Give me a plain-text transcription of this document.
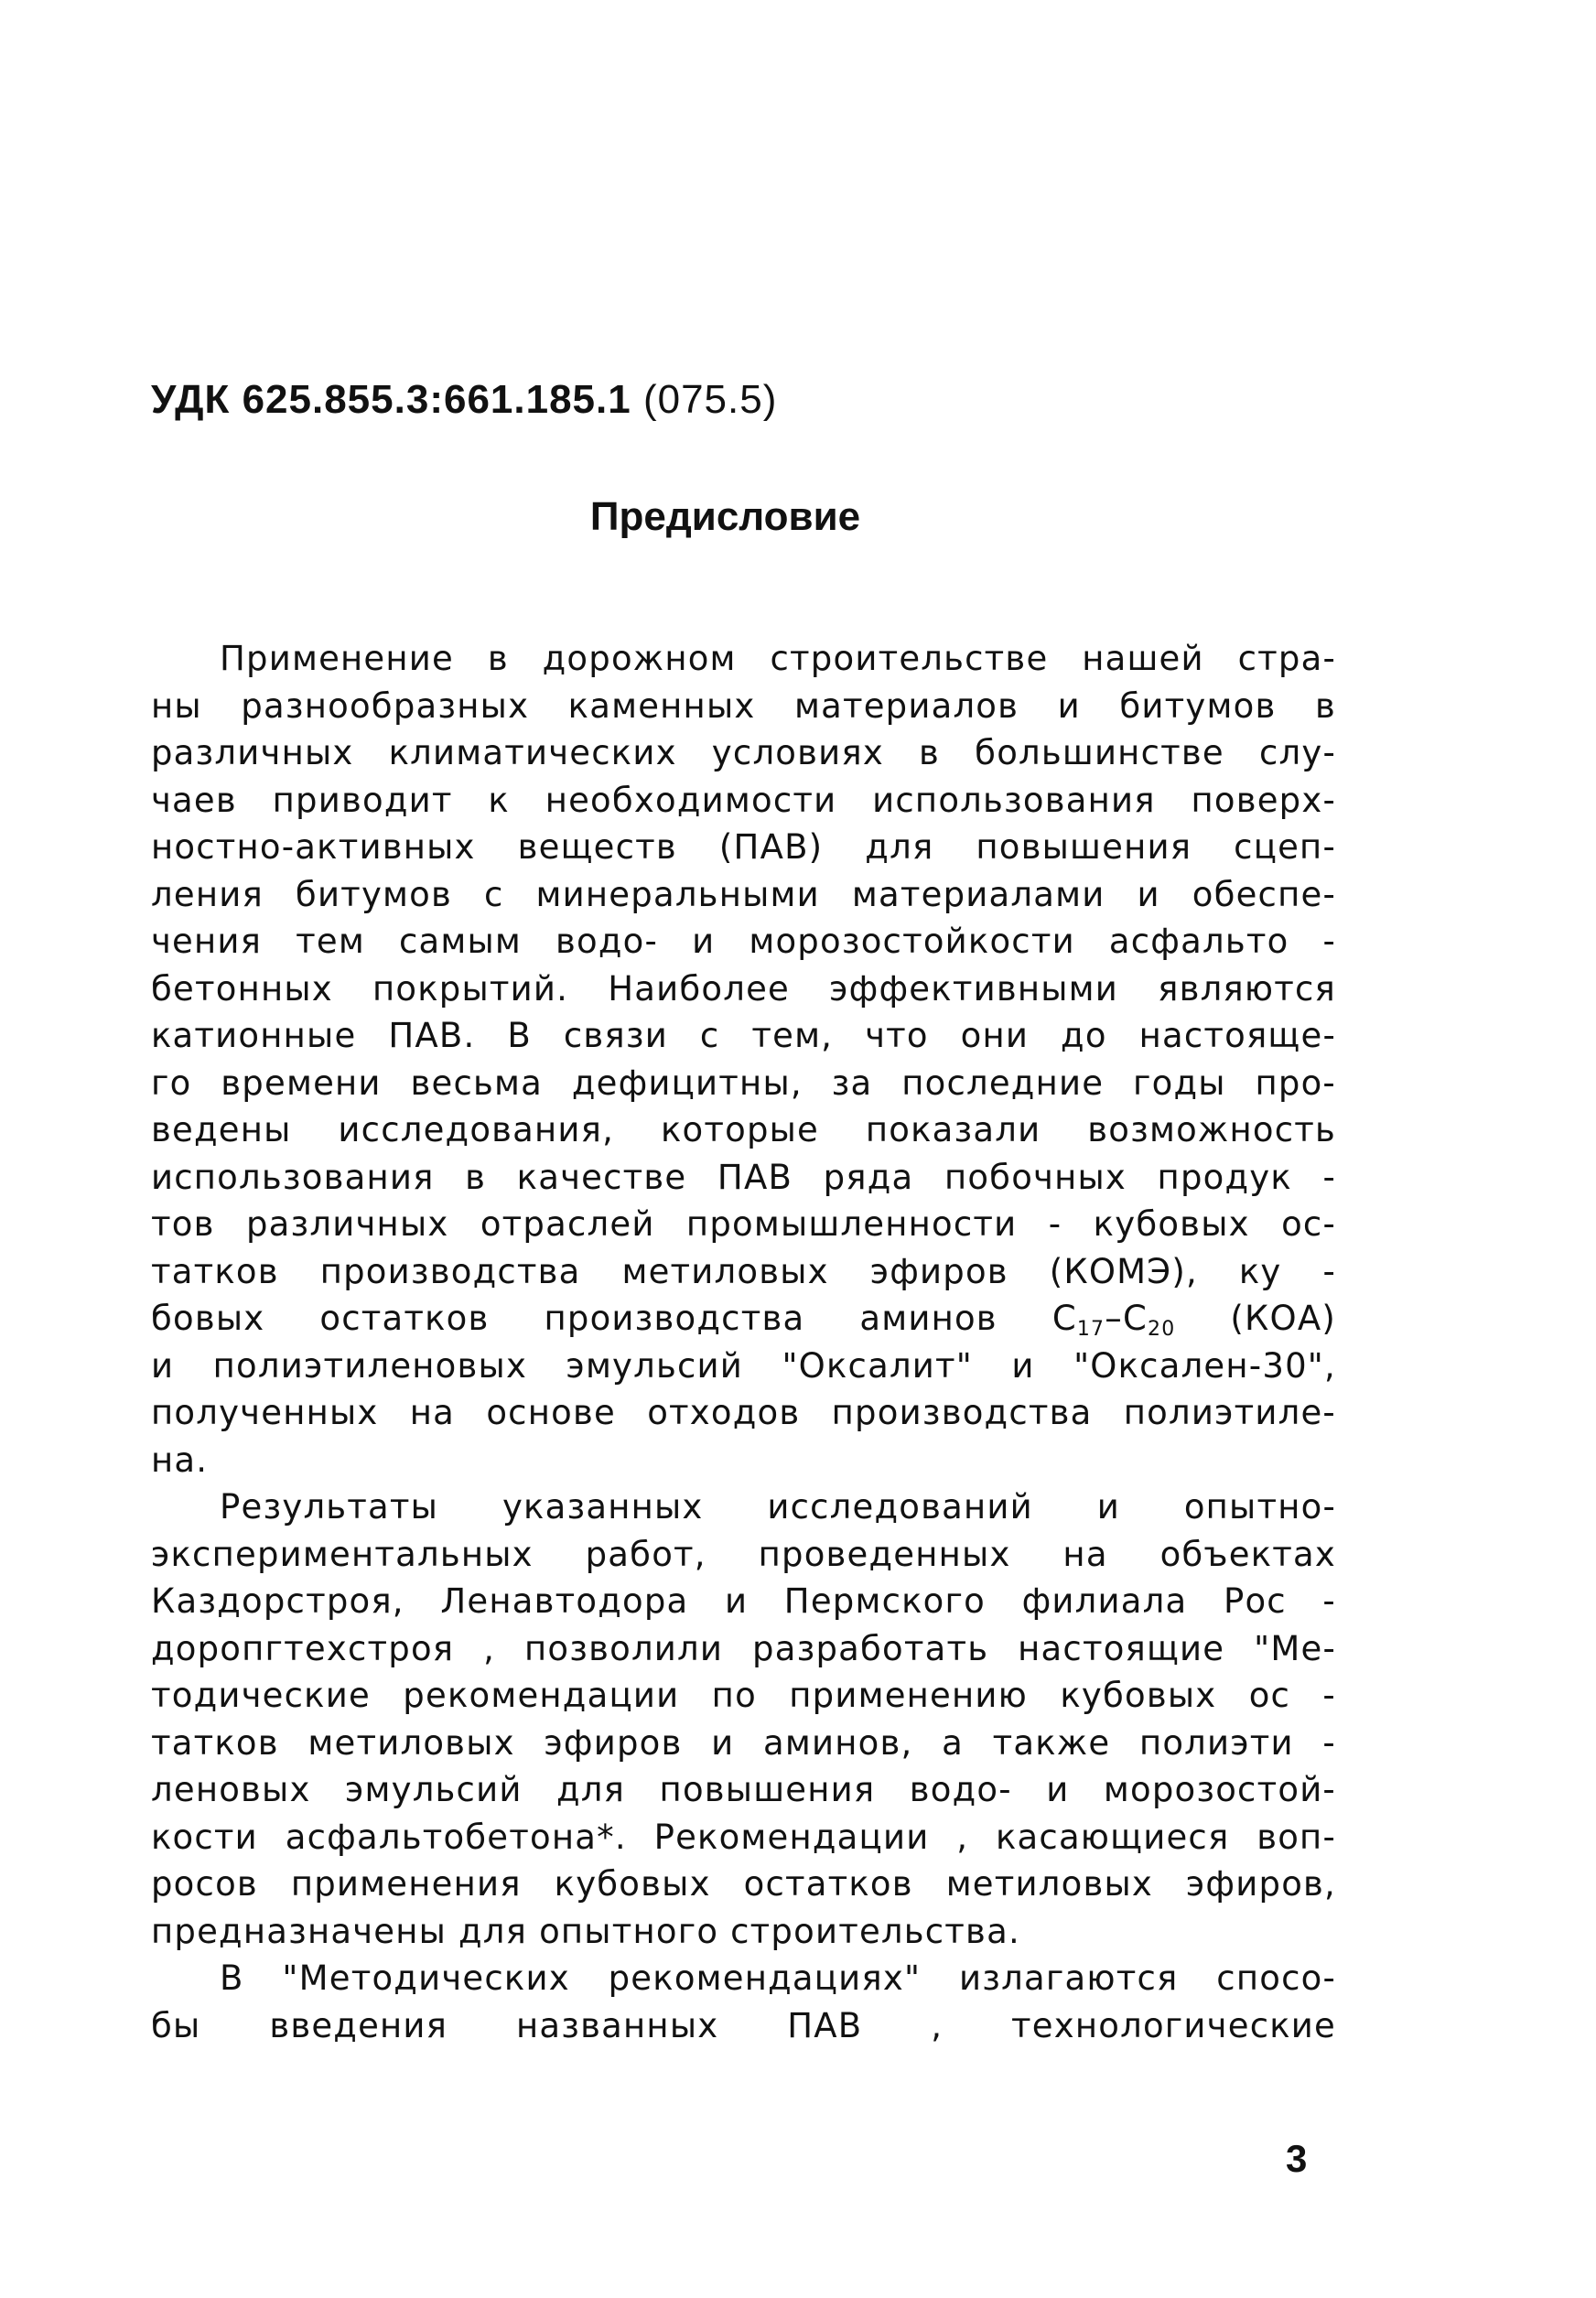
УДК 625.855.3:661.185.1 (075.5)
Предисловие
Применение в дорожном строительстве нашей стра-
ны разнообразных каменных материалов и битумов в
различных климатических условиях в большинстве слу-
чаев приводит к необходимости использования поверх-
ностно-активных веществ (ПАВ) для повышения сцеп-
ления битумов с минеральными материалами и обеспе-
чения тем самым водо- и морозостойкости асфальто -
бетонных покрытий. Наиболее эффективными являются
катионные ПАВ. В связи с тем, что они до настояще-
го времени весьма дефицитны, за последние годы про-
ведены исследования, которые показали возможность
использования в качестве ПАВ ряда побочных продук -
тов различных отраслей промышленности - кубовых ос-
татков производства метиловых эфиров (КОМЭ), ку -
бовых остатков производства аминов $C_{17}-C_{20}$ (КОА)
и полиэтиленовых эмульсий "Оксалит" и "Оксален-30",
полученных на основе отходов производства полиэтиле-
на.
Результаты указанных исследований и опытно-
экспериментальных работ, проведенных на объектах
Каздорстроя, Ленавтодора и Пермского филиала Рос -
доропгтехстроя , позволили разработать настоящие "Ме-
тодические рекомендации по применению кубовых ос -
татков метиловых эфиров и аминов, а также полиэти -
леновых эмульсий для повышения водо- и морозостой-
кости асфальтобетона*. Рекомендации , касающиеся воп-
росов применения кубовых остатков метиловых эфиров,
предназначены для опытного строительства.
В "Методических рекомендациях" излагаются спосо-
бы введения названных ПАВ , технологические
3
